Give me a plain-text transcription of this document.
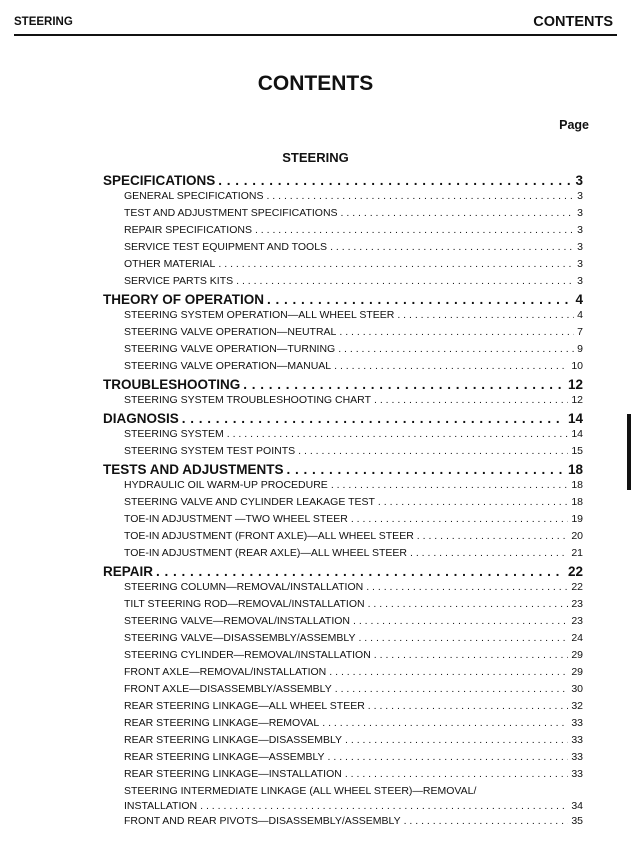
STEERING	CONTENTS
CONTENTS
Page
STEERING
SPECIFICATIONS . . .	3
GENERAL SPECIFICATIONS . . .	3
TEST AND ADJUSTMENT SPECIFICATIONS . . .	3
REPAIR SPECIFICATIONS . . .	3
SERVICE TEST EQUIPMENT AND TOOLS . . .	3
OTHER MATERIAL . . .	3
SERVICE PARTS KITS . . .	3
THEORY OF OPERATION . . .	4
STEERING SYSTEM OPERATION—ALL WHEEL STEER . . .	4
STEERING VALVE OPERATION—NEUTRAL . . .	7
STEERING VALVE OPERATION—TURNING . . .	9
STEERING VALVE OPERATION—MANUAL . . .	10
TROUBLESHOOTING . . .	12
STEERING SYSTEM TROUBLESHOOTING CHART . . .	12
DIAGNOSIS . . .	14
STEERING SYSTEM . . .	14
STEERING SYSTEM TEST POINTS . . .	15
TESTS AND ADJUSTMENTS . . .	18
HYDRAULIC OIL WARM-UP PROCEDURE . . .	18
STEERING VALVE AND CYLINDER LEAKAGE TEST . . .	18
TOE-IN ADJUSTMENT —TWO WHEEL STEER . . .	19
TOE-IN ADJUSTMENT (FRONT AXLE)—ALL WHEEL STEER . . .	20
TOE-IN ADJUSTMENT (REAR AXLE)—ALL WHEEL STEER . . .	21
REPAIR . . .	22
STEERING COLUMN—REMOVAL/INSTALLATION . . .	22
TILT STEERING ROD—REMOVAL/INSTALLATION . . .	23
STEERING VALVE—REMOVAL/INSTALLATION . . .	23
STEERING VALVE—DISASSEMBLY/ASSEMBLY . . .	24
STEERING CYLINDER—REMOVAL/INSTALLATION . . .	29
FRONT AXLE—REMOVAL/INSTALLATION . . .	29
FRONT AXLE—DISASSEMBLY/ASSEMBLY . . .	30
REAR STEERING LINKAGE—ALL WHEEL STEER . . .	32
REAR STEERING LINKAGE—REMOVAL . . .	33
REAR STEERING LINKAGE—DISASSEMBLY . . .	33
REAR STEERING LINKAGE—ASSEMBLY . . .	33
REAR STEERING LINKAGE—INSTALLATION . . .	33
STEERING INTERMEDIATE LINKAGE (ALL WHEEL STEER)—REMOVAL/
INSTALLATION . . .	34
FRONT AND REAR PIVOTS—DISASSEMBLY/ASSEMBLY . . .	35
